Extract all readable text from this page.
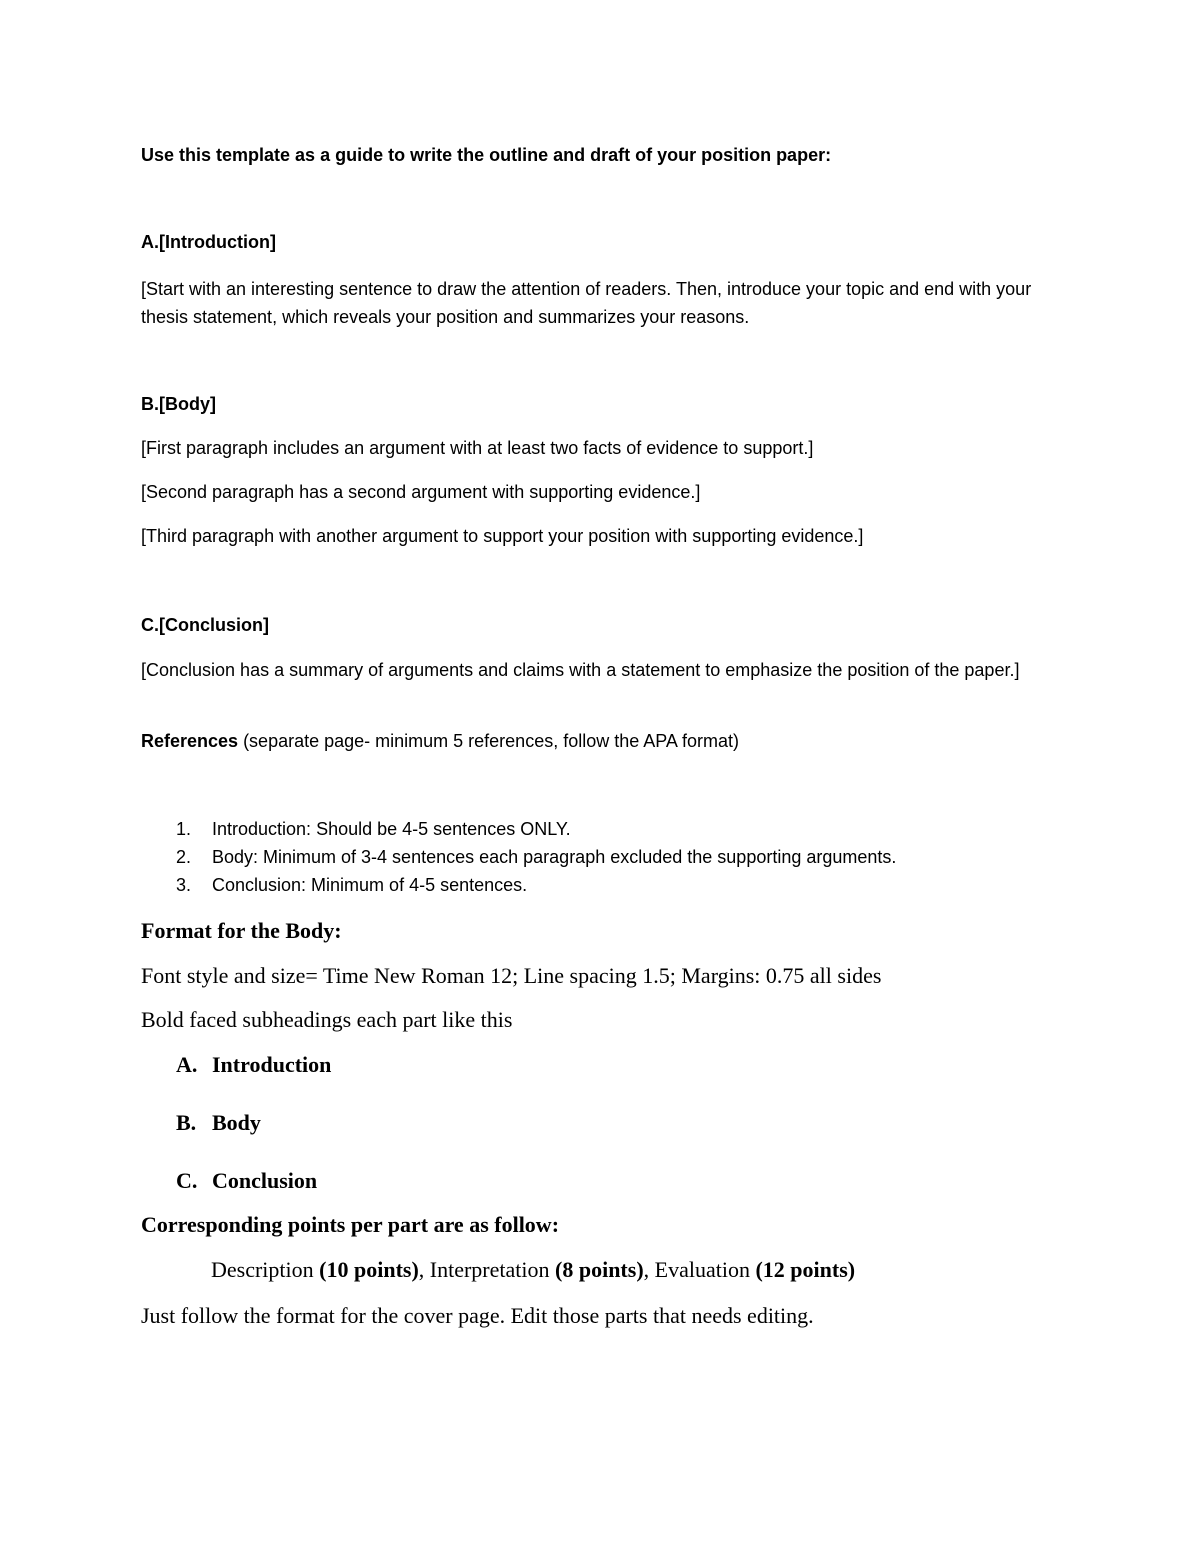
Use this template as a guide to write the outline and draft of your position paper:
A.[Introduction]
[Start with an interesting sentence to draw the attention of readers. Then, introduce your topic and end with your thesis statement, which reveals your position and summarizes your reasons.
B.[Body]
[First paragraph includes an argument with at least two facts of evidence to support.]
[Second paragraph has a second argument with supporting evidence.]
[Third paragraph with another argument to support your position with supporting evidence.]
C.[Conclusion]
[Conclusion has a summary of arguments and claims with a statement to emphasize the position of the paper.]
References (separate page- minimum 5 references, follow the APA format)
1. Introduction: Should be 4-5 sentences ONLY.
2. Body: Minimum of 3-4 sentences each paragraph excluded the supporting arguments.
3. Conclusion: Minimum of 4-5 sentences.
Format for the Body:
Font style and size= Time New Roman 12; Line spacing 1.5; Margins: 0.75 all sides
Bold faced subheadings each part like this
A. Introduction
B. Body
C. Conclusion
Corresponding points per part are as follow:
Description (10 points), Interpretation (8 points), Evaluation (12 points)
Just follow the format for the cover page. Edit those parts that needs editing.
